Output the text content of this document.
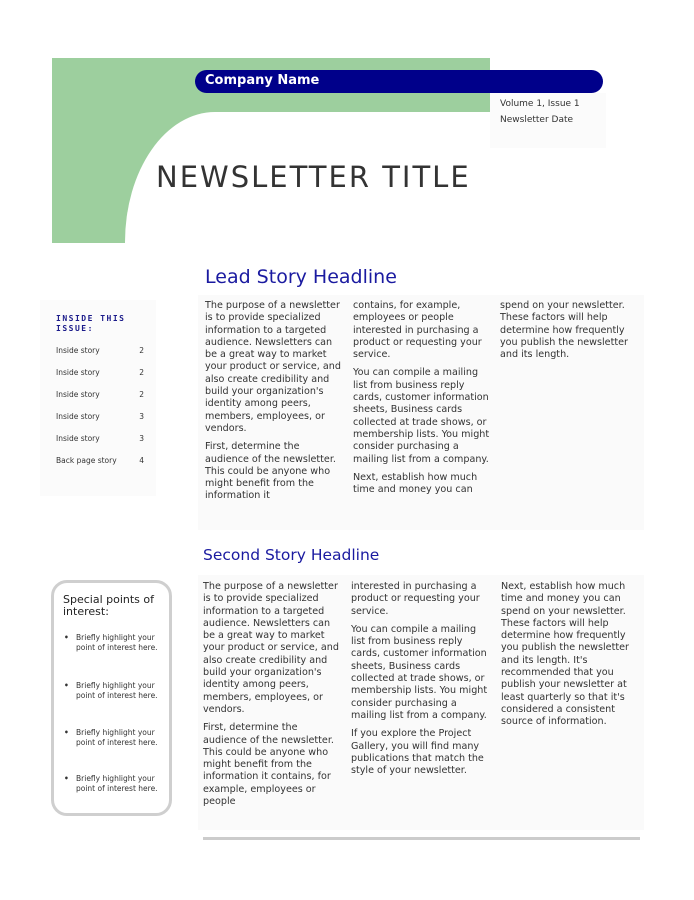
Company Name
Volume 1, Issue 1
Newsletter Date
NEWSLETTER TITLE
INSIDE THIS ISSUE:
Inside story	2
Inside story	2
Inside story	2
Inside story	3
Inside story	3
Back page story	4
Lead Story Headline

The purpose of a newsletter is to provide specialized information to a targeted audience. Newsletters can be a great way to market your product or service, and also create credibility and build your organization's identity among peers, members, employees, or vendors.

First, determine the audience of the newsletter. This could be anyone who might benefit from the information it

contains, for example, employees or people interested in purchasing a product or requesting your service.

You can compile a mailing list from business reply cards, customer information sheets, Business cards collected at trade shows, or membership lists. You might consider purchasing a mailing list from a company.

Next, establish how much time and money you can

spend on your newsletter. These factors will help determine how frequently you publish the newsletter and its length.

Special points of interest:
• Briefly highlight your point of interest here.
• Briefly highlight your point of interest here.
• Briefly highlight your point of interest here.
• Briefly highlight your point of interest here.
Second Story Headline

The purpose of a newsletter is to provide specialized information to a targeted audience. Newsletters can be a great way to market your product or service, and also create credibility and build your organization's identity among peers, members, employees, or vendors.

First, determine the audience of the newsletter. This could be anyone who might benefit from the information it contains, for example, employees or people

interested in purchasing a product or requesting your service.

You can compile a mailing list from business reply cards, customer information sheets, Business cards collected at trade shows, or membership lists. You might consider purchasing a mailing list from a company.

If you explore the Project Gallery, you will find many publications that match the style of your newsletter.

Next, establish how much time and money you can spend on your newsletter. These factors will help determine how frequently you publish the newsletter and its length. It's recommended that you publish your newsletter at least quarterly so that it's considered a consistent source of information.
